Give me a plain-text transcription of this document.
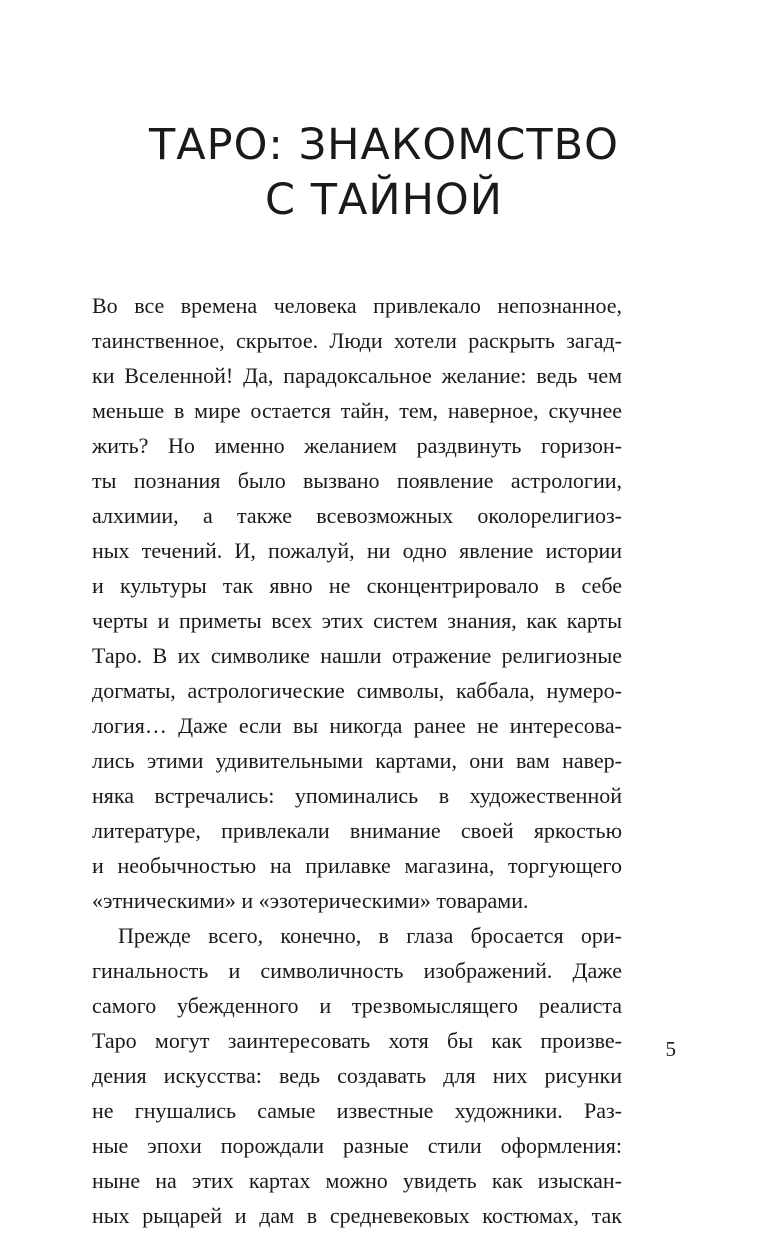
ТАРО: ЗНАКОМСТВО
С ТАЙНОЙ
Во все времена человека привлекало непознанное,
таинственное, скрытое. Люди хотели раскрыть загад-
ки Вселенной! Да, парадоксальное желание: ведь чем
меньше в мире остается тайн, тем, наверное, скучнее
жить? Но именно желанием раздвинуть горизон-
ты познания было вызвано появление астрологии,
алхимии, а также всевозможных околорелигиоз-
ных течений. И, пожалуй, ни одно явление истории
и культуры так явно не сконцентрировало в себе
черты и приметы всех этих систем знания, как карты
Таро. В их символике нашли отражение религиозные
догматы, астрологические символы, каббала, нумеро-
логия… Даже если вы никогда ранее не интересова-
лись этими удивительными картами, они вам навер-
няка встречались: упоминались в художественной
литературе, привлекали внимание своей яркостью
и необычностью на прилавке магазина, торгующего
«этническими» и «эзотерическими» товарами.
Прежде всего, конечно, в глаза бросается ори-
гинальность и символичность изображений. Даже
самого убежденного и трезвомыслящего реалиста
Таро могут заинтересовать хотя бы как произве-
дения искусства: ведь создавать для них рисунки
не гнушались самые известные художники. Раз-
ные эпохи порождали разные стили оформления:
ныне на этих картах можно увидеть как изыскан-
ных рыцарей и дам в средневековых костюмах, так
5
